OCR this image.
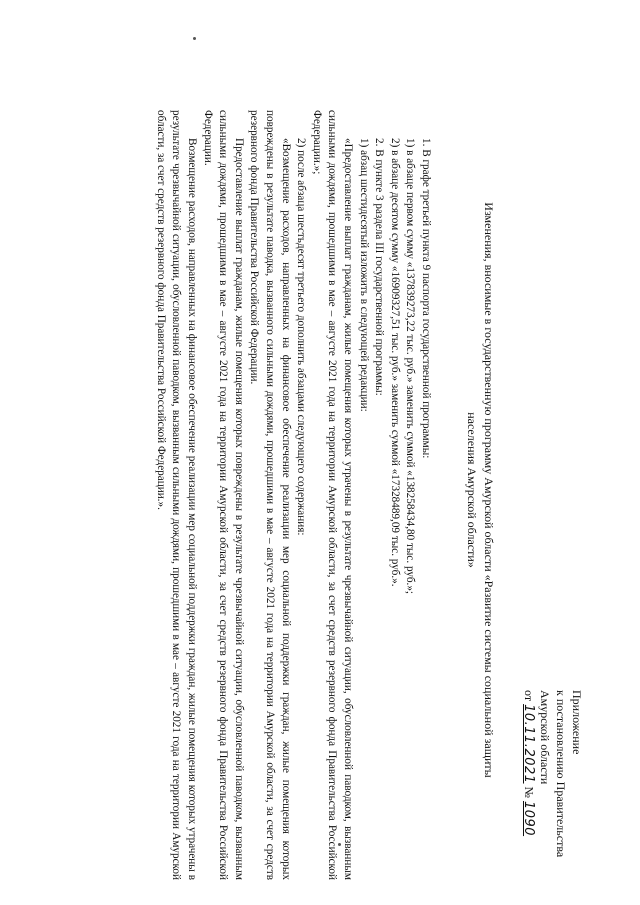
Приложение
к постановлению Правительства
Амурской области
от 10.11.2021 № 1090
Изменения, вносимые в государственную программу Амурской области «Развитие системы социальной защиты
населения Амурской области»

1. В графе третьей пункта 9 паспорта государственной программы:

1) в абзаце первом сумму «137839273,22 тыс. руб.» заменить суммой «138258434,80 тыс. руб.»;

2) в абзаце десятом сумму «16909327,51 тыс. руб.» заменить суммой «17328489,09 тыс. руб.».

2. В пункте 3 раздела III государственной программы:

1) абзац шестидесятый изложить в следующей редакции:

«Предоставление выплат гражданам, жилые помещения которых утрачены в результате чрезвычайной ситуации, обусловленной паводком, вызванным сильными дождями, прошедшими в мае – августе 2021 года на территории Амурской области, за счет средств резервного фонда Правительства Российской Федерации.»;

2) после абзаца шестьдесят третьего дополнить абзацами следующего содержания:

«Возмещение расходов, направленных на финансовое обеспечение реализации мер социальной поддержки граждан, жилые помещения которых повреждены в результате паводка, вызванного сильными дождями, прошедшими в мае – августе 2021 года на территории Амурской области, за счет средств резервного фонда Правительства Российской Федерации.

Предоставление выплат гражданам, жилые помещения которых повреждены в результате чрезвычайной ситуации, обусловленной паводком, вызванным сильными дождями, прошедшими в мае – августе 2021 года на территории Амурской области, за счет средств резервного фонда Правительства Российской Федерации.

Возмещение расходов, направленных на финансовое обеспечение реализации мер социальной поддержки граждан, жилые помещения которых утрачены в результате чрезвычайной ситуации, обусловленной паводком, вызванным сильными дождями, прошедшими в мае – августе 2021 года на территории Амурской области, за счет средств резервного фонда Правительства Российской Федерации.».
